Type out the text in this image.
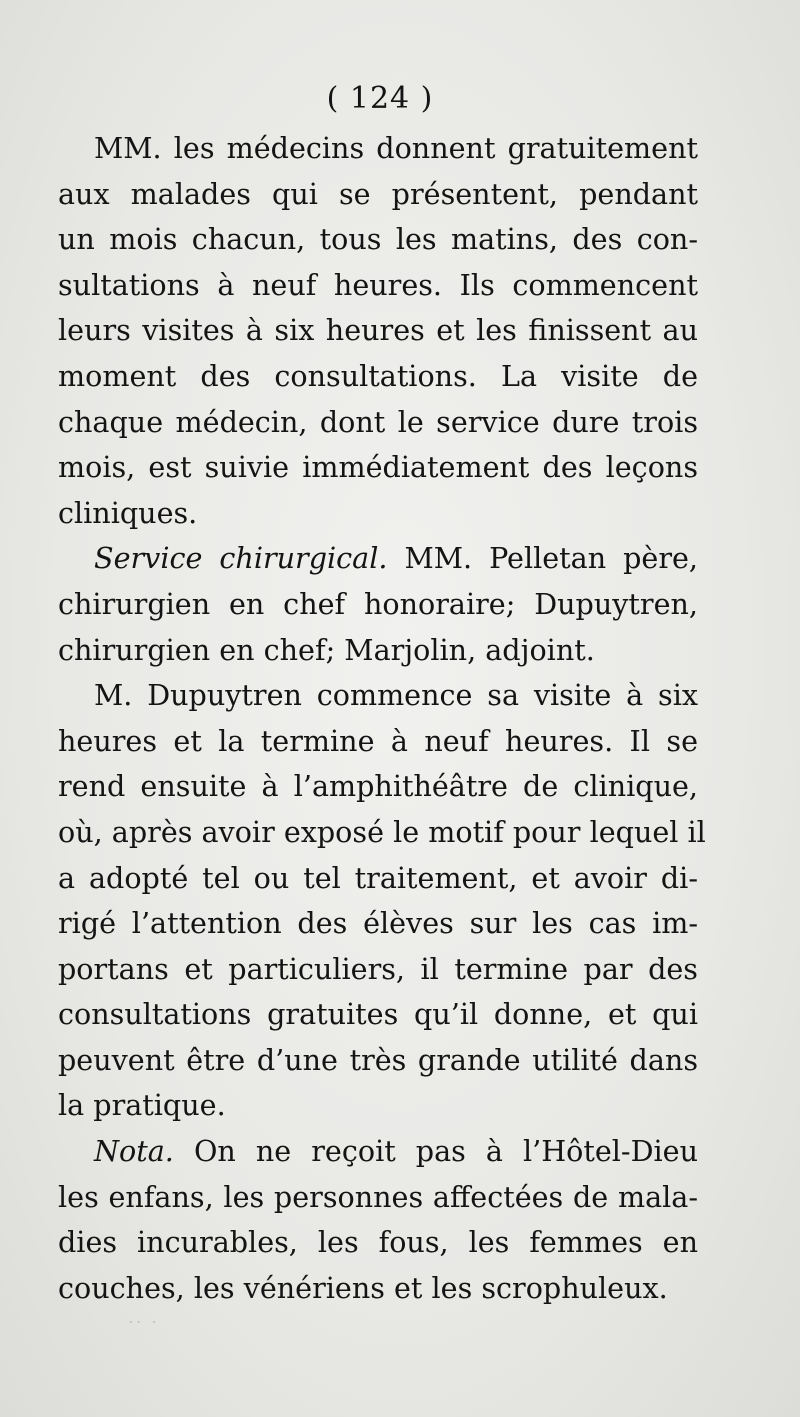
( 124 )
MM. les médecins donnent gratuitement
aux malades qui se présentent, pendant
un mois chacun, tous les matins, des con-
sultations à neuf heures. Ils commencent
leurs visites à six heures et les finissent au
moment des consultations. La visite de
chaque médecin, dont le service dure trois
mois, est suivie immédiatement des leçons
cliniques.
Service chirurgical. MM. Pelletan père,
chirurgien en chef honoraire; Dupuytren,
chirurgien en chef; Marjolin, adjoint.
M. Dupuytren commence sa visite à six
heures et la termine à neuf heures. Il se
rend ensuite à l’amphithéâtre de clinique,
où, après avoir exposé le motif pour lequel il
a adopté tel ou tel traitement, et avoir di-
rigé l’attention des élèves sur les cas im-
portans et particuliers, il termine par des
consultations gratuites qu’il donne, et qui
peuvent être d’une très grande utilité dans
la pratique.
Nota. On ne reçoit pas à l’Hôtel-Dieu
les enfans, les personnes affectées de mala-
dies incurables, les fous, les femmes en
couches, les vénériens et les scrophuleux.
·· ·
